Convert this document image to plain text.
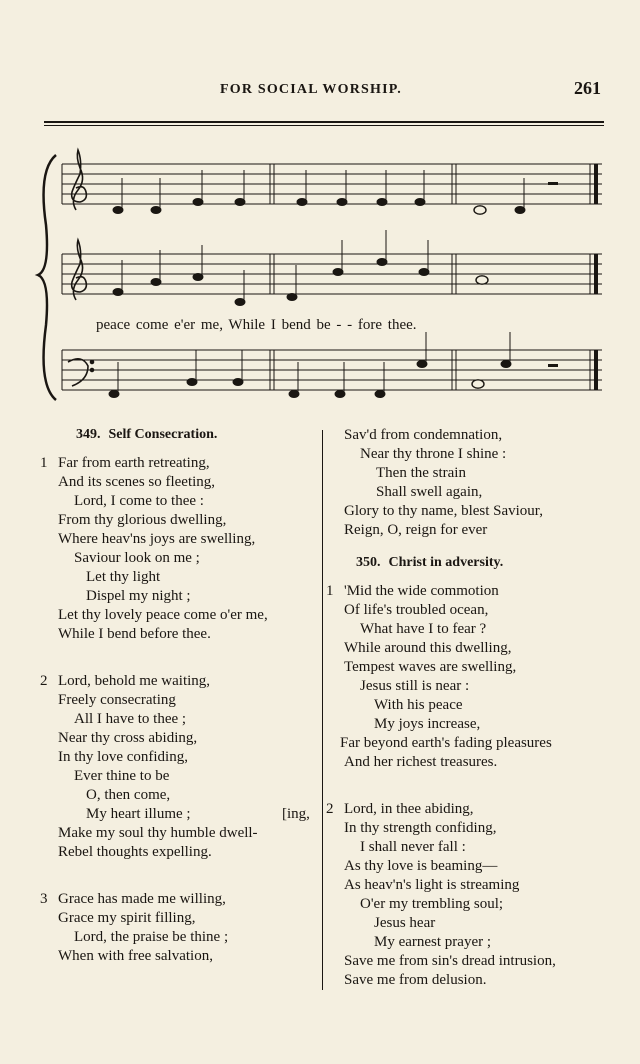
FOR SOCIAL WORSHIP.	261
peace come e'er me, While I bend be - - fore thee.
349. Self Consecration.
1 Far from earth retreating,
And its scenes so fleeting,
Lord, I come to thee :
From thy glorious dwelling,
Where heav'ns joys are swelling,
Saviour look on me ;
Let thy light
Dispel my night ;
Let thy lovely peace come o'er me,
While I bend before thee.
2 Lord, behold me waiting,
Freely consecrating
All I have to thee ;
Near thy cross abiding,
In thy love confiding,
Ever thine to be
O, then come,
My heart illume ;	[ing,
Make my soul thy humble dwell-
Rebel thoughts expelling.
3 Grace has made me willing,
Grace my spirit filling,
Lord, the praise be thine ;
When with free salvation,
Sav'd from condemnation,
Near thy throne I shine :
Then the strain
Shall swell again,
Glory to thy name, blest Saviour,
Reign, O, reign for ever
350. Christ in adversity.
1 'Mid the wide commotion
Of life's troubled ocean,
What have I to fear ?
While around this dwelling,
Tempest waves are swelling,
Jesus still is near :
With his peace
My joys increase,
Far beyond earth's fading pleasures
And her richest treasures.
2 Lord, in thee abiding,
In thy strength confiding,
I shall never fall :
As thy love is beaming—
As heav'n's light is streaming
O'er my trembling soul;
Jesus hear
My earnest prayer ;
Save me from sin's dread intrusion,
Save me from delusion.
